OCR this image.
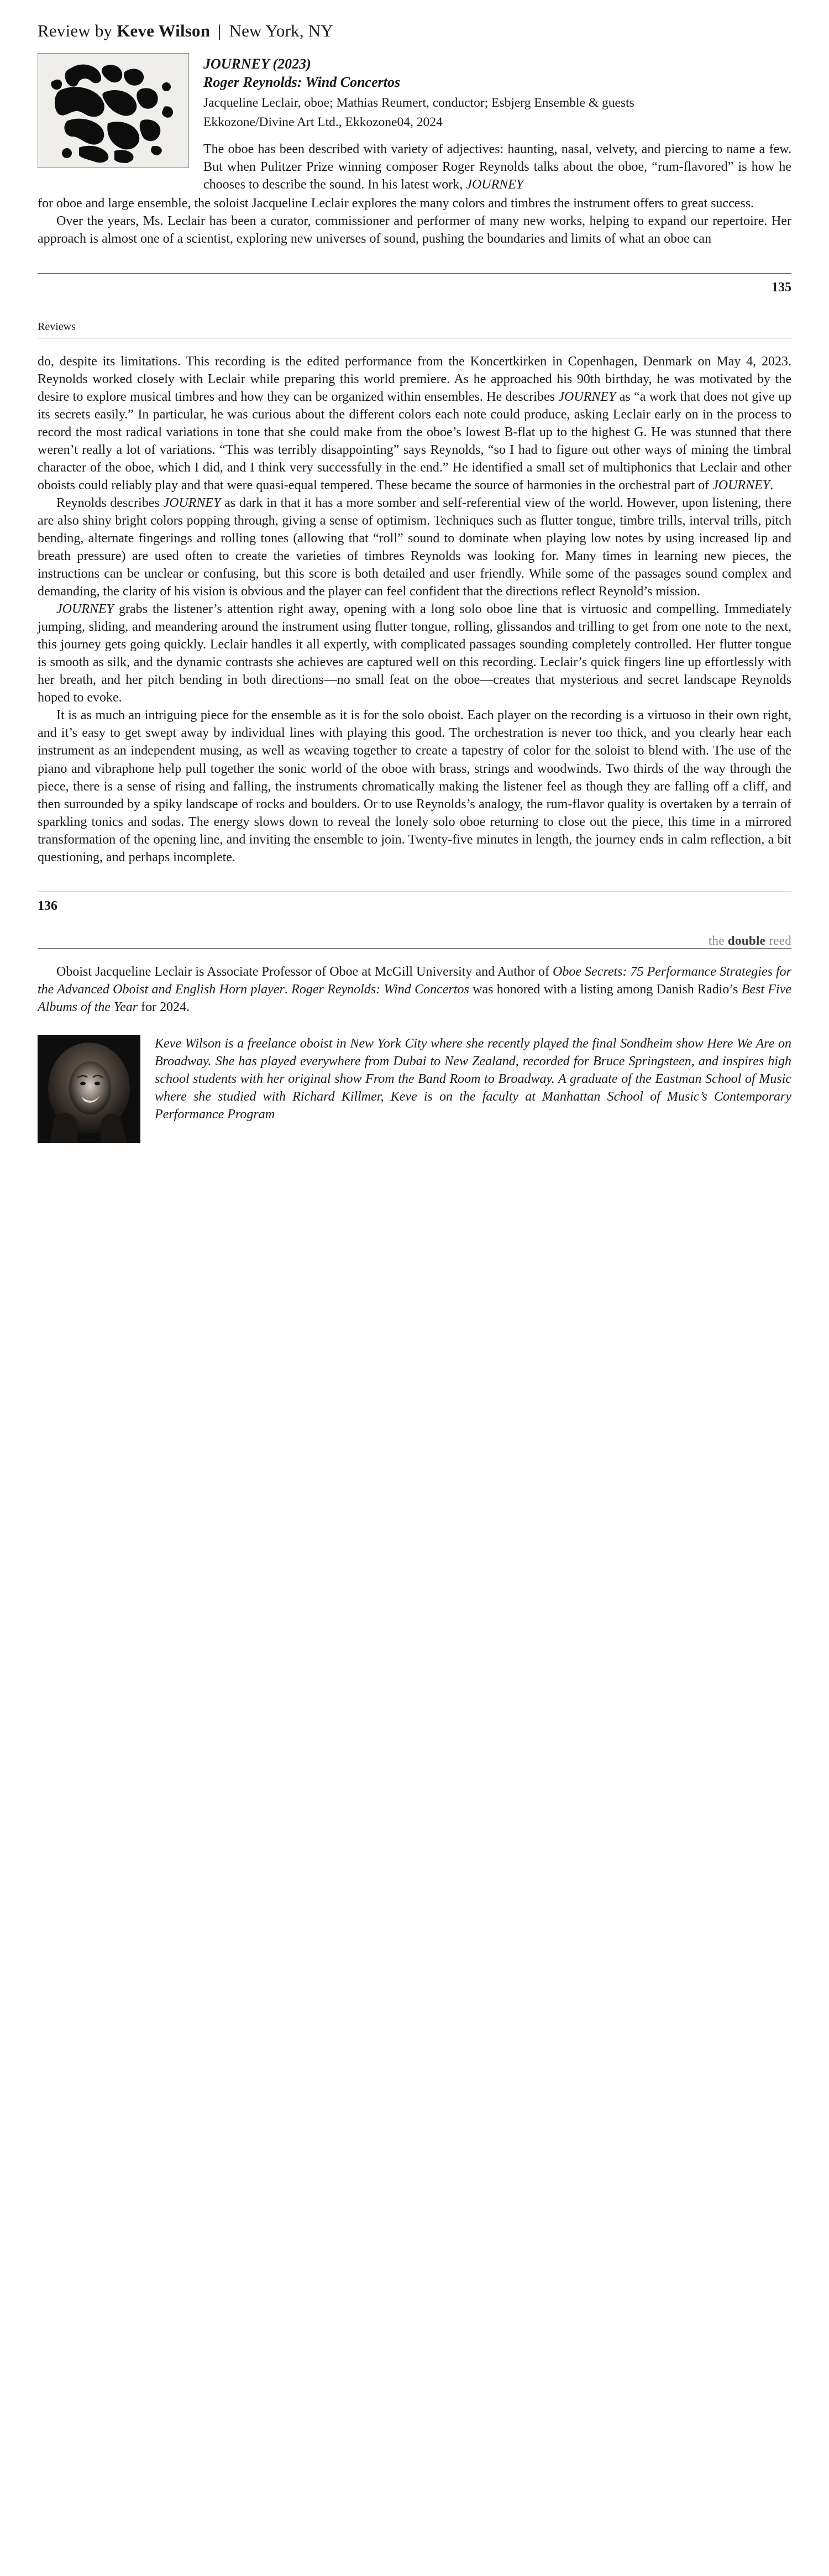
Review by Keve Wilson | New York, NY
JOURNEY (2023)
Roger Reynolds: Wind Concertos
Jacqueline Leclair, oboe; Mathias Reumert, conductor; Esbjerg Ensemble & guests
Ekkozone/Divine Art Ltd., Ekkozone04, 2024
The oboe has been described with variety of adjectives: haunting, nasal, velvety, and piercing to name a few. But when Pulitzer Prize winning composer Roger Reynolds talks about the oboe, “rum-flavored” is how he chooses to describe the sound. In his latest work, JOURNEY
for oboe and large ensemble, the soloist Jacqueline Leclair explores the many colors and timbres the instrument offers to great success.
Over the years, Ms. Leclair has been a curator, commissioner and performer of many new works, helping to expand our repertoire. Her approach is almost one of a scientist, exploring new universes of sound, pushing the boundaries and limits of what an oboe can
135
Reviews
do, despite its limitations. This recording is the edited performance from the Koncertkirken in Copenhagen, Denmark on May 4, 2023. Reynolds worked closely with Leclair while preparing this world premiere. As he approached his 90th birthday, he was motivated by the desire to explore musical timbres and how they can be organized within ensembles. He describes JOURNEY as “a work that does not give up its secrets easily.” In particular, he was curious about the different colors each note could produce, asking Leclair early on in the process to record the most radical variations in tone that she could make from the oboe’s lowest B-flat up to the highest G. He was stunned that there weren’t really a lot of variations. “This was terribly disappointing” says Reynolds, “so I had to figure out other ways of mining the timbral character of the oboe, which I did, and I think very successfully in the end.” He identified a small set of multiphonics that Leclair and other oboists could reliably play and that were quasi-equal tempered. These became the source of harmonies in the orchestral part of JOURNEY.
Reynolds describes JOURNEY as dark in that it has a more somber and self-referential view of the world. However, upon listening, there are also shiny bright colors popping through, giving a sense of optimism. Techniques such as flutter tongue, timbre trills, interval trills, pitch bending, alternate fingerings and rolling tones (allowing that “roll” sound to dominate when playing low notes by using increased lip and breath pressure) are used often to create the varieties of timbres Reynolds was looking for. Many times in learning new pieces, the instructions can be unclear or confusing, but this score is both detailed and user friendly. While some of the passages sound complex and demanding, the clarity of his vision is obvious and the player can feel confident that the directions reflect Reynold’s mission.
JOURNEY grabs the listener’s attention right away, opening with a long solo oboe line that is virtuosic and compelling. Immediately jumping, sliding, and meandering around the instrument using flutter tongue, rolling, glissandos and trilling to get from one note to the next, this journey gets going quickly. Leclair handles it all expertly, with complicated passages sounding completely controlled. Her flutter tongue is smooth as silk, and the dynamic contrasts she achieves are captured well on this recording. Leclair’s quick fingers line up effortlessly with her breath, and her pitch bending in both directions—no small feat on the oboe—creates that mysterious and secret landscape Reynolds hoped to evoke.
It is as much an intriguing piece for the ensemble as it is for the solo oboist. Each player on the recording is a virtuoso in their own right, and it’s easy to get swept away by individual lines with playing this good. The orchestration is never too thick, and you clearly hear each instrument as an independent musing, as well as weaving together to create a tapestry of color for the soloist to blend with. The use of the piano and vibraphone help pull together the sonic world of the oboe with brass, strings and woodwinds. Two thirds of the way through the piece, there is a sense of rising and falling, the instruments chromatically making the listener feel as though they are falling off a cliff, and then surrounded by a spiky landscape of rocks and boulders. Or to use Reynolds’s analogy, the rum-flavor quality is overtaken by a terrain of sparkling tonics and sodas. The energy slows down to reveal the lonely solo oboe returning to close out the piece, this time in a mirrored transformation of the opening line, and inviting the ensemble to join. Twenty-five minutes in length, the journey ends in calm reflection, a bit questioning, and perhaps incomplete.
136
the double reed
Oboist Jacqueline Leclair is Associate Professor of Oboe at McGill University and Author of Oboe Secrets: 75 Performance Strategies for the Advanced Oboist and English Horn player. Roger Reynolds: Wind Concertos was honored with a listing among Danish Radio’s Best Five Albums of the Year for 2024.
Keve Wilson is a freelance oboist in New York City where she recently played the final Sondheim show Here We Are on Broadway. She has played everywhere from Dubai to New Zealand, recorded for Bruce Springsteen, and inspires high school students with her original show From the Band Room to Broadway. A graduate of the Eastman School of Music where she studied with Richard Killmer, Keve is on the faculty at Manhattan School of Music’s Contemporary Performance Program
